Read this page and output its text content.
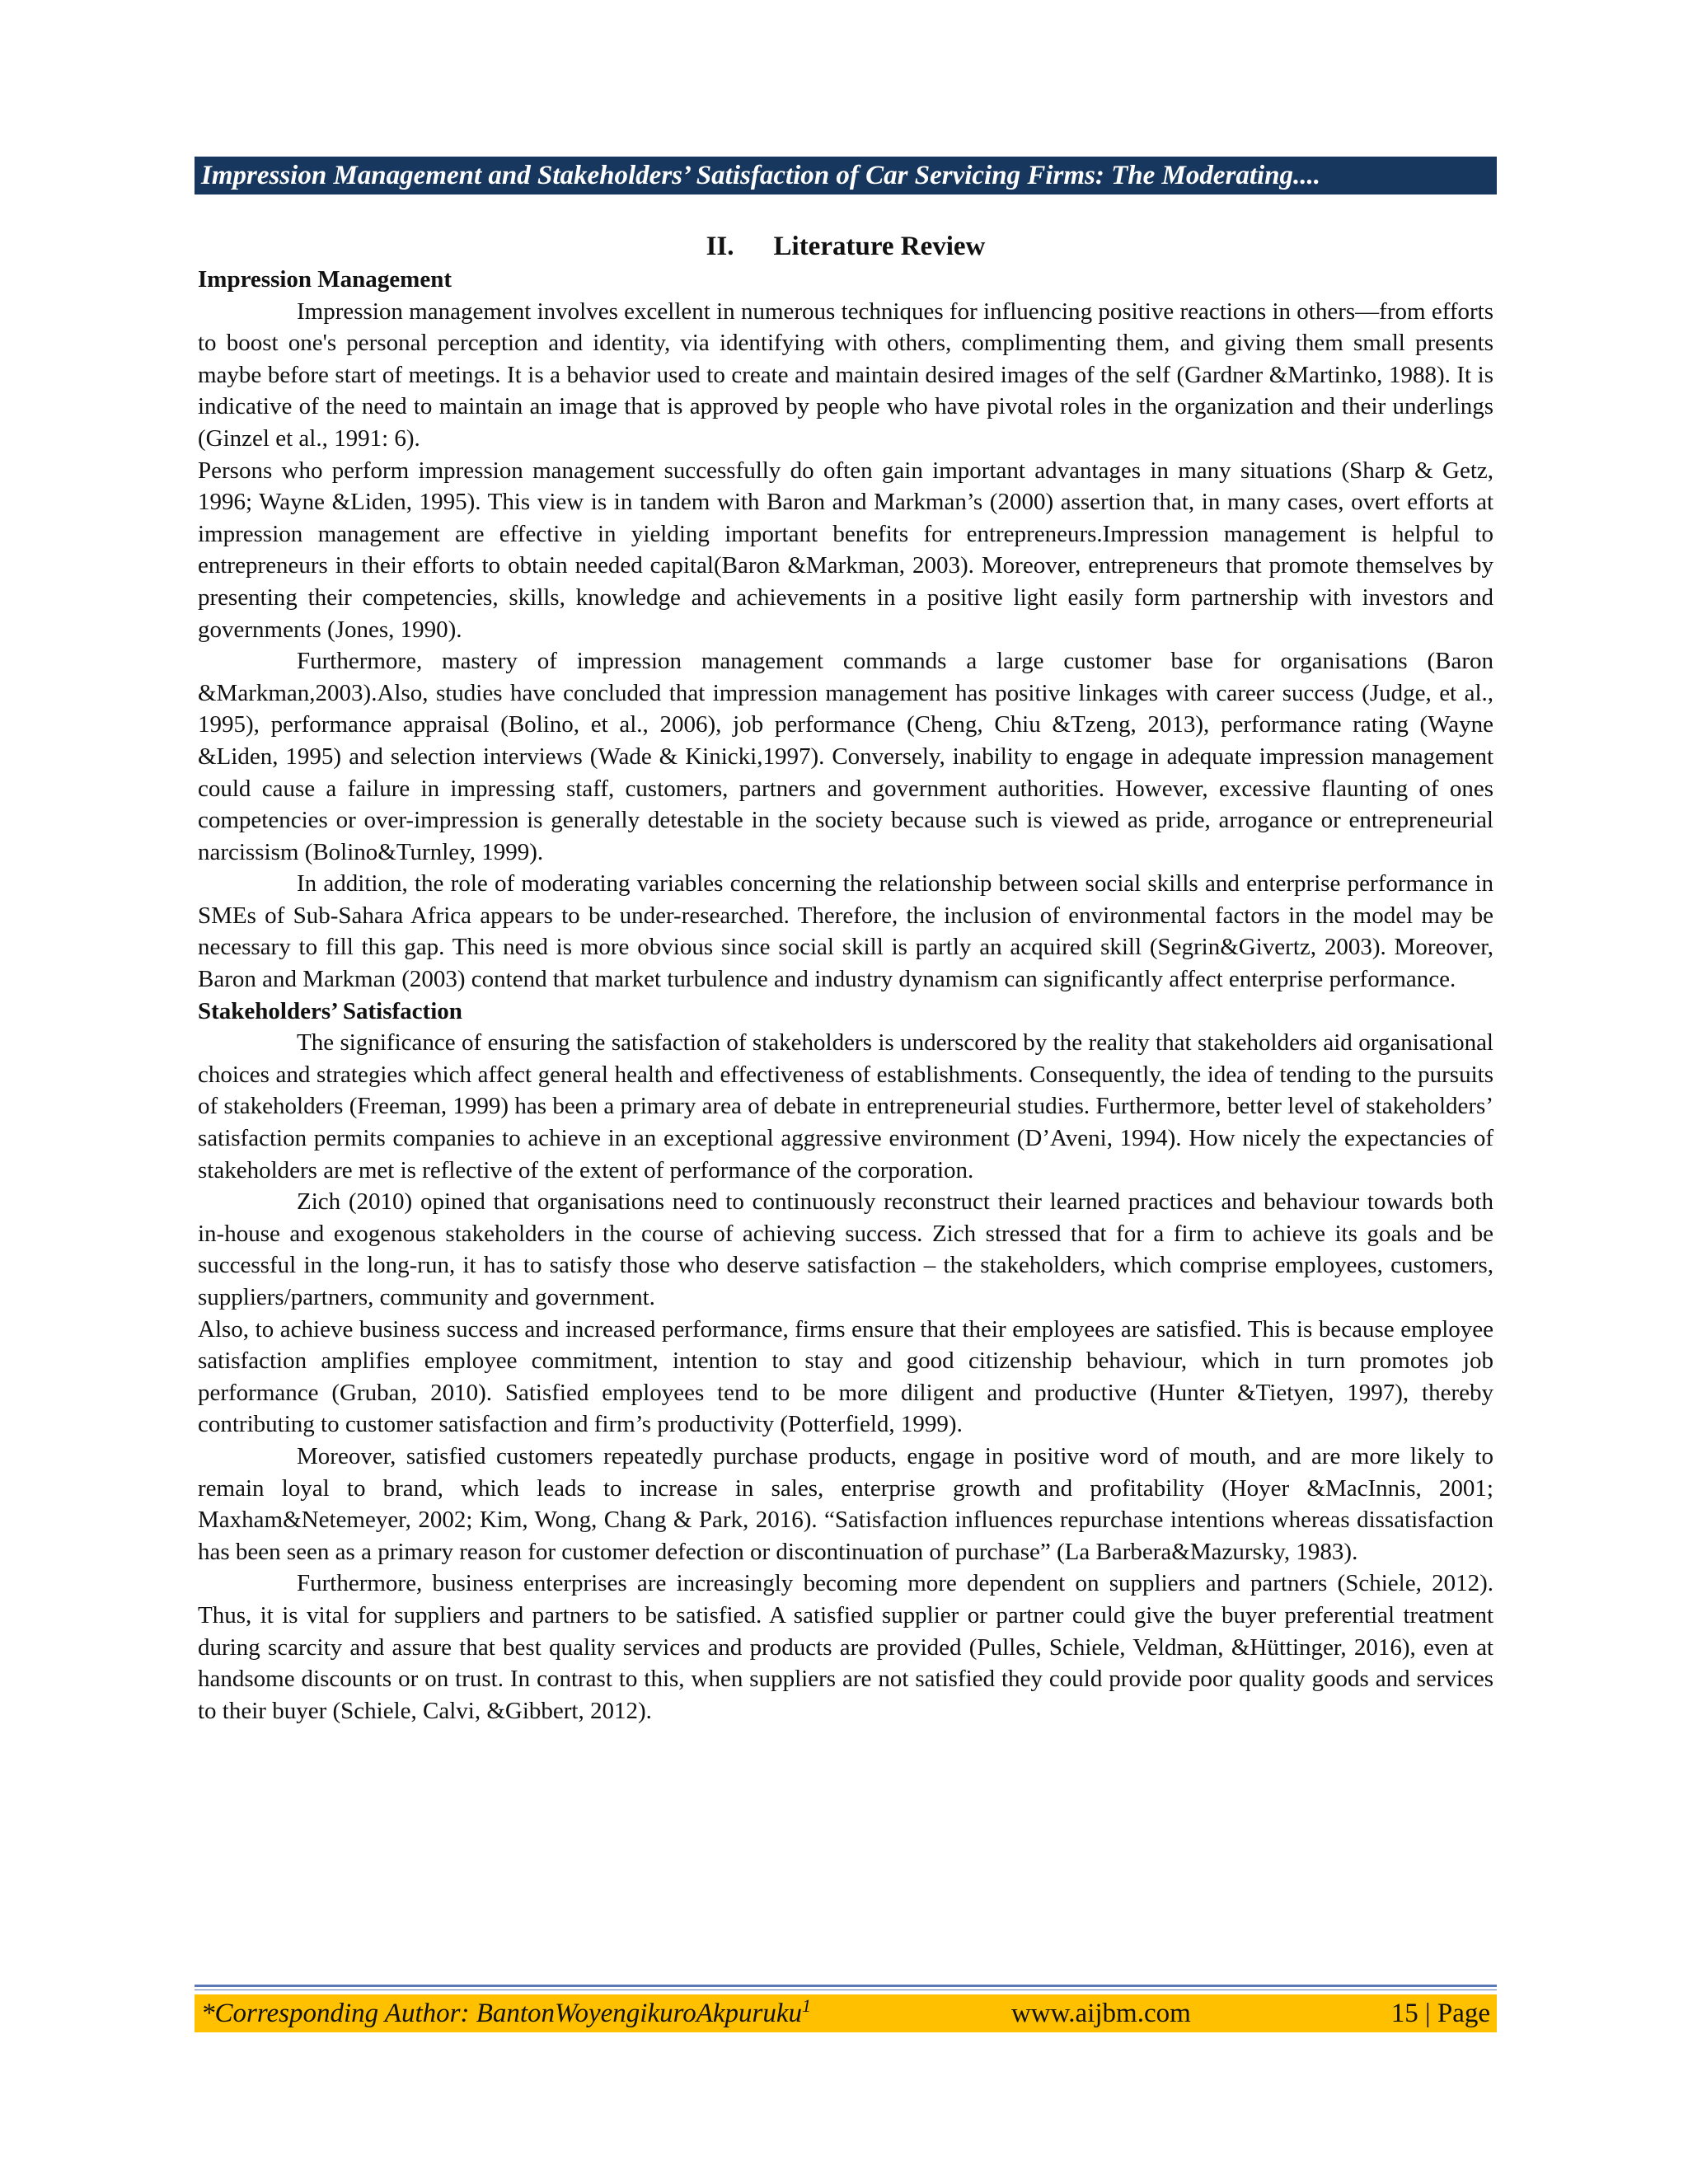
Impression Management and Stakeholders’ Satisfaction of Car Servicing Firms: The Moderating....
II. Literature Review
Impression Management

Impression management involves excellent in numerous techniques for influencing positive reactions in others—from efforts to boost one's personal perception and identity, via identifying with others, complimenting them, and giving them small presents maybe before start of meetings. It is a behavior used to create and maintain desired images of the self (Gardner &Martinko, 1988). It is indicative of the need to maintain an image that is approved by people who have pivotal roles in the organization and their underlings (Ginzel et al., 1991: 6).

Persons who perform impression management successfully do often gain important advantages in many situations (Sharp & Getz, 1996; Wayne &Liden, 1995). This view is in tandem with Baron and Markman’s (2000) assertion that, in many cases, overt efforts at impression management are effective in yielding important benefits for entrepreneurs.Impression management is helpful to entrepreneurs in their efforts to obtain needed capital(Baron &Markman, 2003). Moreover, entrepreneurs that promote themselves by presenting their competencies, skills, knowledge and achievements in a positive light easily form partnership with investors and governments (Jones, 1990).

Furthermore, mastery of impression management commands a large customer base for organisations (Baron &Markman,2003).Also, studies have concluded that impression management has positive linkages with career success (Judge, et al., 1995), performance appraisal (Bolino, et al., 2006), job performance (Cheng, Chiu &Tzeng, 2013), performance rating (Wayne &Liden, 1995) and selection interviews (Wade & Kinicki,1997). Conversely, inability to engage in adequate impression management could cause a failure in impressing staff, customers, partners and government authorities. However, excessive flaunting of ones competencies or over-impression is generally detestable in the society because such is viewed as pride, arrogance or entrepreneurial narcissism (Bolino&Turnley, 1999).

In addition, the role of moderating variables concerning the relationship between social skills and enterprise performance in SMEs of Sub-Sahara Africa appears to be under-researched. Therefore, the inclusion of environmental factors in the model may be necessary to fill this gap. This need is more obvious since social skill is partly an acquired skill (Segrin&Givertz, 2003). Moreover, Baron and Markman (2003) contend that market turbulence and industry dynamism can significantly affect enterprise performance.

Stakeholders’ Satisfaction

The significance of ensuring the satisfaction of stakeholders is underscored by the reality that stakeholders aid organisational choices and strategies which affect general health and effectiveness of establishments. Consequently, the idea of tending to the pursuits of stakeholders (Freeman, 1999) has been a primary area of debate in entrepreneurial studies. Furthermore, better level of stakeholders’ satisfaction permits companies to achieve in an exceptional aggressive environment (D’Aveni, 1994). How nicely the expectancies of stakeholders are met is reflective of the extent of performance of the corporation.

Zich (2010) opined that organisations need to continuously reconstruct their learned practices and behaviour towards both in-house and exogenous stakeholders in the course of achieving success. Zich stressed that for a firm to achieve its goals and be successful in the long-run, it has to satisfy those who deserve satisfaction – the stakeholders, which comprise employees, customers, suppliers/partners, community and government.

Also, to achieve business success and increased performance, firms ensure that their employees are satisfied. This is because employee satisfaction amplifies employee commitment, intention to stay and good citizenship behaviour, which in turn promotes job performance (Gruban, 2010). Satisfied employees tend to be more diligent and productive (Hunter &Tietyen, 1997), thereby contributing to customer satisfaction and firm’s productivity (Potterfield, 1999).

Moreover, satisfied customers repeatedly purchase products, engage in positive word of mouth, and are more likely to remain loyal to brand, which leads to increase in sales, enterprise growth and profitability (Hoyer &MacInnis, 2001; Maxham&Netemeyer, 2002; Kim, Wong, Chang & Park, 2016). “Satisfaction influences repurchase intentions whereas dissatisfaction has been seen as a primary reason for customer defection or discontinuation of purchase” (La Barbera&Mazursky, 1983).

Furthermore, business enterprises are increasingly becoming more dependent on suppliers and partners (Schiele, 2012). Thus, it is vital for suppliers and partners to be satisfied. A satisfied supplier or partner could give the buyer preferential treatment during scarcity and assure that best quality services and products are provided (Pulles, Schiele, Veldman, &Hüttinger, 2016), even at handsome discounts or on trust. In contrast to this, when suppliers are not satisfied they could provide poor quality goods and services to their buyer (Schiele, Calvi, &Gibbert, 2012).

*Corresponding Author: BantonWoyengikuroAkpuruku$^1$	www.aijbm.com	15 | Page
